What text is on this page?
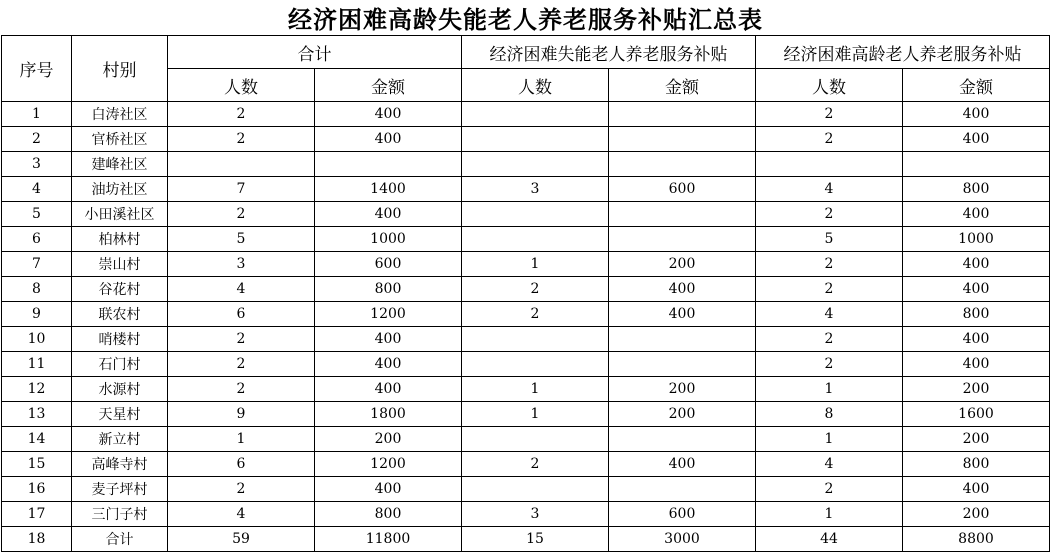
经济困难高龄失能老人养老服务补贴汇总表
序号	村别	合计		经济困难失能老人养老服务补贴		经济困难高龄老人养老服务补贴	
		人数	金额	人数	金额	人数	金额
1	白涛社区	2	400			2	400
2	官桥社区	2	400			2	400
3	建峰社区						
4	油坊社区	7	1400	3	600	4	800
5	小田溪社区	2	400			2	400
6	柏林村	5	1000			5	1000
7	崇山村	3	600	1	200	2	400
8	谷花村	4	800	2	400	2	400
9	联农村	6	1200	2	400	4	800
10	哨楼村	2	400			2	400
11	石门村	2	400			2	400
12	水源村	2	400	1	200	1	200
13	天星村	9	1800	1	200	8	1600
14	新立村	1	200			1	200
15	高峰寺村	6	1200	2	400	4	800
16	麦子坪村	2	400			2	400
17	三门子村	4	800	3	600	1	200
18	合计	59	11800	15	3000	44	8800
